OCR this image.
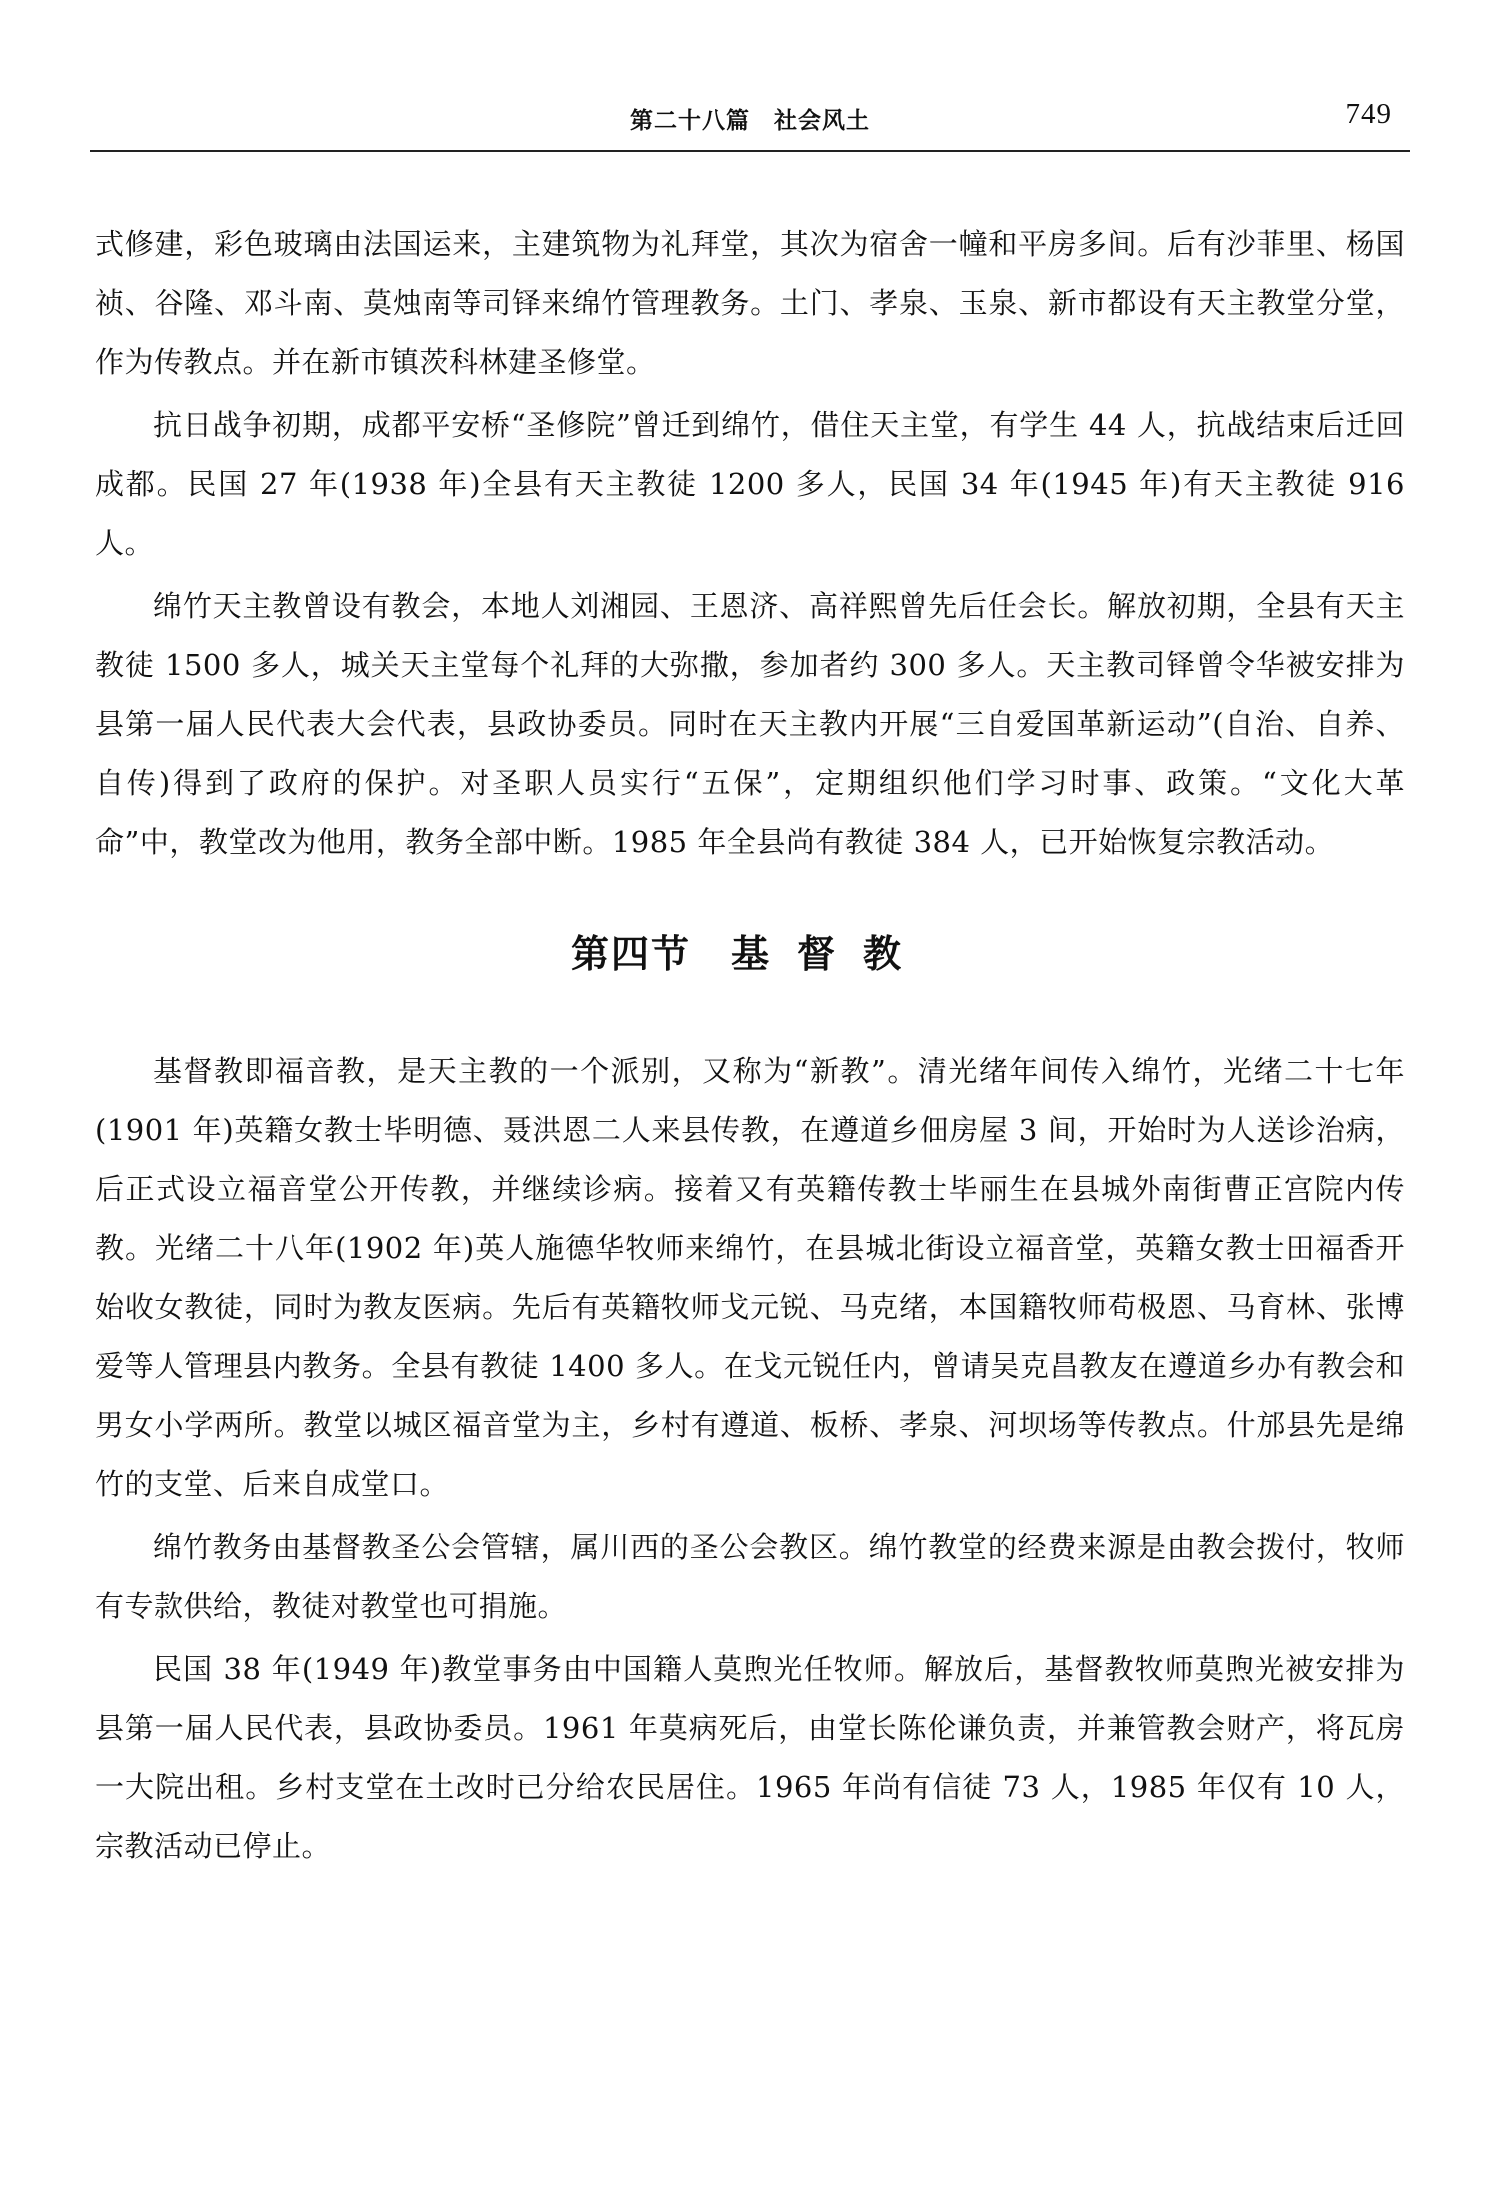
第二十八篇　社会风土	749

式修建，彩色玻璃由法国运来，主建筑物为礼拜堂，其次为宿舍一幢和平房多间。后有沙菲里、杨国祯、谷隆、邓斗南、莫烛南等司铎来绵竹管理教务。土门、孝泉、玉泉、新市都设有天主教堂分堂，作为传教点。并在新市镇茨科林建圣修堂。

抗日战争初期，成都平安桥“圣修院”曾迁到绵竹，借住天主堂，有学生 44 人，抗战结束后迁回成都。民国 27 年(1938 年)全县有天主教徒 1200 多人，民国 34 年(1945 年)有天主教徒 916 人。

绵竹天主教曾设有教会，本地人刘湘园、王恩济、高祥熙曾先后任会长。解放初期，全县有天主教徒 1500 多人，城关天主堂每个礼拜的大弥撒，参加者约 300 多人。天主教司铎曾令华被安排为县第一届人民代表大会代表，县政协委员。同时在天主教内开展“三自爱国革新运动”(自治、自养、自传)得到了政府的保护。对圣职人员实行“五保”，定期组织他们学习时事、政策。“文化大革命”中，教堂改为他用，教务全部中断。1985 年全县尚有教徒 384 人，已开始恢复宗教活动。

第四节 基督教

基督教即福音教，是天主教的一个派别，又称为“新教”。清光绪年间传入绵竹，光绪二十七年(1901 年)英籍女教士毕明德、聂洪恩二人来县传教，在遵道乡佃房屋 3 间，开始时为人送诊治病，后正式设立福音堂公开传教，并继续诊病。接着又有英籍传教士毕丽生在县城外南街曹正宫院内传教。光绪二十八年(1902 年)英人施德华牧师来绵竹，在县城北街设立福音堂，英籍女教士田福香开始收女教徒，同时为教友医病。先后有英籍牧师戈元锐、马克绪，本国籍牧师苟极恩、马育林、张博爱等人管理县内教务。全县有教徒 1400 多人。在戈元锐任内，曾请吴克昌教友在遵道乡办有教会和男女小学两所。教堂以城区福音堂为主，乡村有遵道、板桥、孝泉、河坝场等传教点。什邡县先是绵竹的支堂、后来自成堂口。

绵竹教务由基督教圣公会管辖，属川西的圣公会教区。绵竹教堂的经费来源是由教会拨付，牧师有专款供给，教徒对教堂也可捐施。

民国 38 年(1949 年)教堂事务由中国籍人莫煦光任牧师。解放后，基督教牧师莫煦光被安排为县第一届人民代表，县政协委员。1961 年莫病死后，由堂长陈伦谦负责，并兼管教会财产，将瓦房一大院出租。乡村支堂在土改时已分给农民居住。1965 年尚有信徒 73 人，1985 年仅有 10 人，宗教活动已停止。
